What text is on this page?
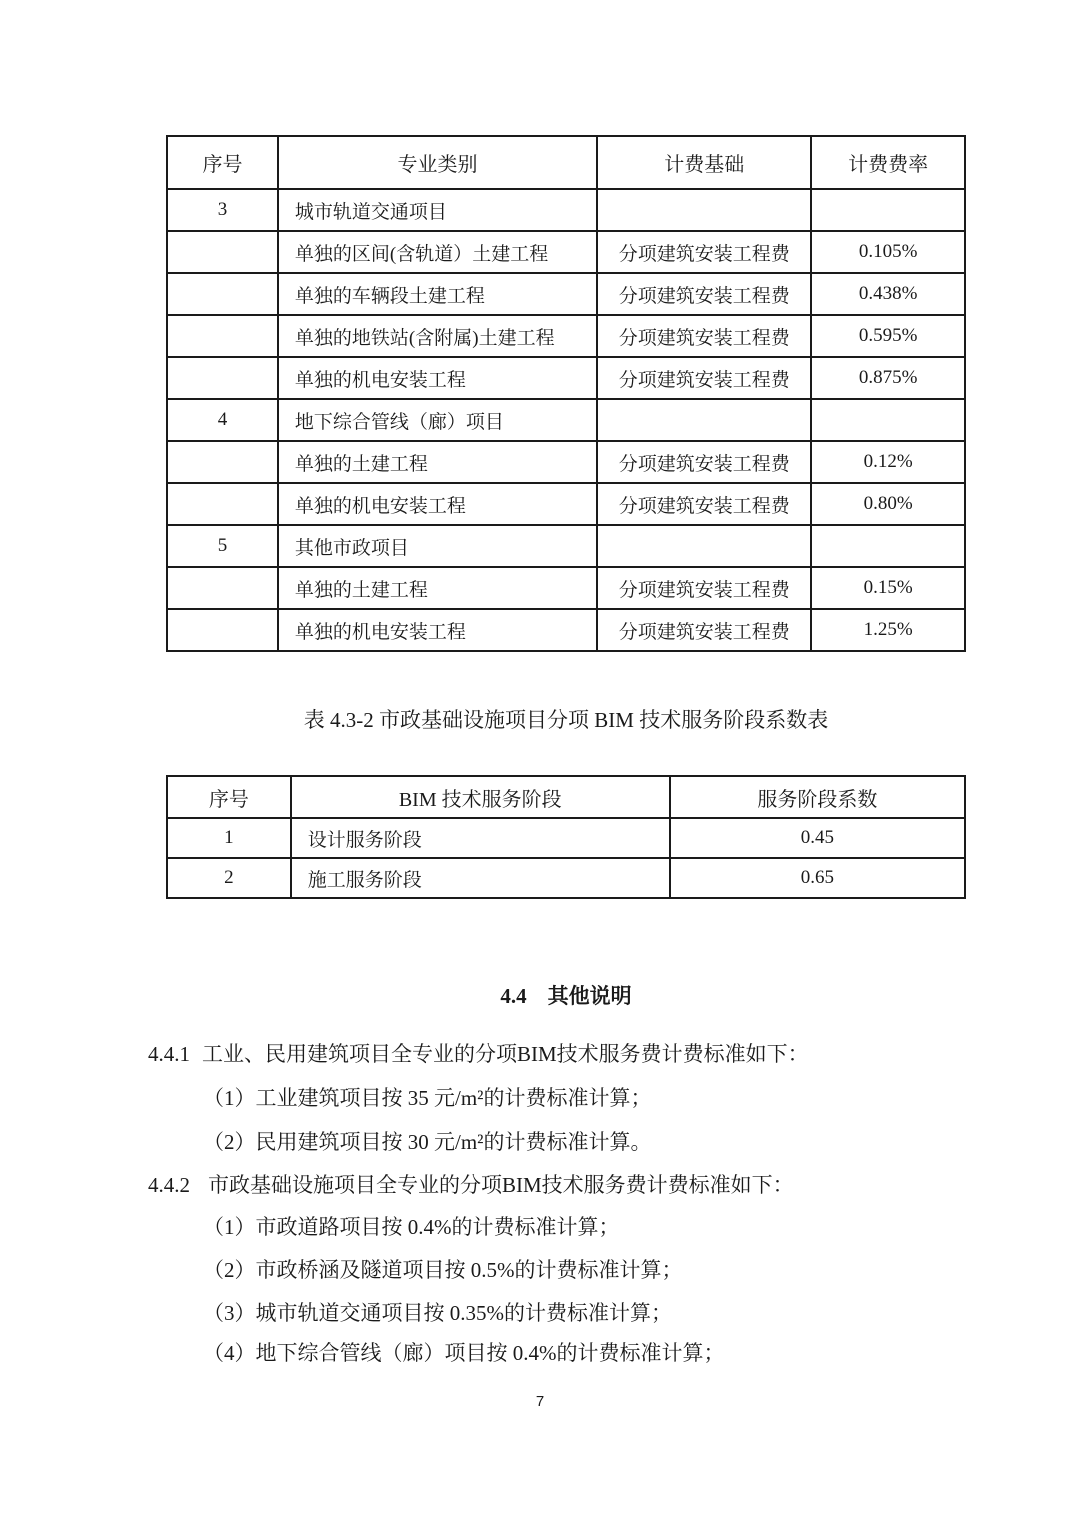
序号	专业类别	计费基础	计费费率
3	城市轨道交通项目		
	单独的区间(含轨道）土建工程	分项建筑安装工程费	0.105%
	单独的车辆段土建工程	分项建筑安装工程费	0.438%
	单独的地铁站(含附属)土建工程	分项建筑安装工程费	0.595%
	单独的机电安装工程	分项建筑安装工程费	0.875%
4	地下综合管线（廊）项目		
	单独的土建工程	分项建筑安装工程费	0.12%
	单独的机电安装工程	分项建筑安装工程费	0.80%
5	其他市政项目		
	单独的土建工程	分项建筑安装工程费	0.15%
	单独的机电安装工程	分项建筑安装工程费	1.25%
表 4.3-2 市政基础设施项目分项 BIM 技术服务阶段系数表
序号	BIM 技术服务阶段	服务阶段系数
1	设计服务阶段	0.45
2	施工服务阶段	0.65
4.4　其他说明
4.4.1 工业、民用建筑项目全专业的分项BIM技术服务费计费标准如下：
（1）工业建筑项目按 35 元/m²的计费标准计算；
（2）民用建筑项目按 30 元/m²的计费标准计算。
4.4.2 市政基础设施项目全专业的分项BIM技术服务费计费标准如下：
（1）市政道路项目按 0.4%的计费标准计算；
（2）市政桥涵及隧道项目按 0.5%的计费标准计算；
（3）城市轨道交通项目按 0.35%的计费标准计算；
（4）地下综合管线（廊）项目按 0.4%的计费标准计算；
7
